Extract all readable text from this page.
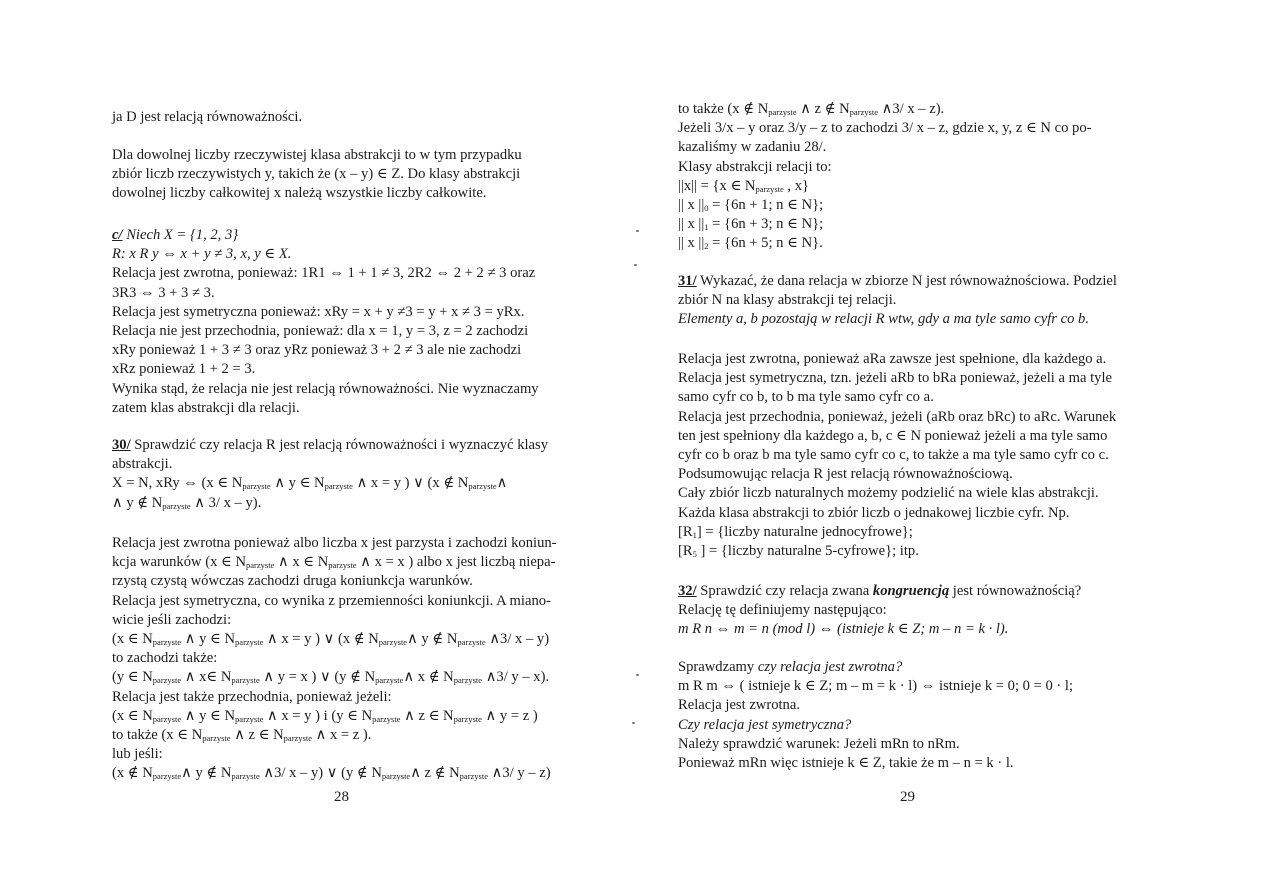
ja D jest relacją równoważności.
Dla dowolnej liczby rzeczywistej klasa abstrakcji to w tym przypadku
zbiór liczb rzeczywistych y, takich że (x – y) ∈ Z. Do klasy abstrakcji
dowolnej liczby całkowitej x należą wszystkie liczby całkowite.
c/ Niech X = {1, 2, 3}
R: x R y ⇔ x + y ≠ 3, x, y ∈ X.
Relacja jest zwrotna, ponieważ: 1R1 ⇔ 1 + 1 ≠ 3, 2R2 ⇔ 2 + 2 ≠ 3 oraz
3R3 ⇔ 3 + 3 ≠ 3.
Relacja jest symetryczna ponieważ: xRy = x + y ≠3 = y + x ≠ 3 = yRx.
Relacja nie jest przechodnia, ponieważ: dla x = 1, y = 3, z = 2 zachodzi
xRy ponieważ 1 + 3 ≠ 3 oraz yRz ponieważ 3 + 2 ≠ 3 ale nie zachodzi
xRz ponieważ 1 + 2 = 3.
Wynika stąd, że relacja nie jest relacją równoważności. Nie wyznaczamy
zatem klas abstrakcji dla relacji.
30/ Sprawdzić czy relacja R jest relacją równoważności i wyznaczyć klasy
abstrakcji.
X = N, xRy ⇔ (x ∈ $N_{parzyste}$ ∧ y ∈ $N_{parzyste}$ ∧ x = y ) ∨ (x ∉ $N_{parzyste}\wedge$
∧ y ∉ $N_{parzyste}$ ∧ 3/ x – y).
Relacja jest zwrotna ponieważ albo liczba x jest parzysta i zachodzi koniun-
kcja warunków (x ∈ $N_{parzyste}$ ∧ x ∈ $N_{parzyste}$ ∧ x = x ) albo x jest liczbą niepa-
rzystą czystą wówczas zachodzi druga koniunkcja warunków.
Relacja jest symetryczna, co wynika z przemienności koniunkcji. A miano-
wicie jeśli zachodzi:
(x ∈ $N_{parzyste}$ ∧ y ∈ $N_{parzyste}$ ∧ x = y ) ∨ (x ∉ $N_{parzyste}\wedge$ y ∉ $N_{parzyste}$ ∧3/ x – y)
to zachodzi także:
(y ∈ $N_{parzyste}$ ∧ x∈ $N_{parzyste}$ ∧ y = x ) ∨ (y ∉ $N_{parzyste}\wedge$ x ∉ $N_{parzyste}$ ∧3/ y – x).
Relacja jest także przechodnia, ponieważ jeżeli:
(x ∈ $N_{parzyste}$ ∧ y ∈ $N_{parzyste}$ ∧ x = y ) i (y ∈ $N_{parzyste}$ ∧ z ∈ $N_{parzyste}$ ∧ y = z )
to także (x ∈ $N_{parzyste}$ ∧ z ∈ $N_{parzyste}$ ∧ x = z ).
lub jeśli:
(x ∉ $N_{parzyste}\wedge$ y ∉ $N_{parzyste}$ ∧3/ x – y) ∨ (y ∉ $N_{parzyste}\wedge$ z ∉ $N_{parzyste}$ ∧3/ y – z)
28
to także (x ∉ $N_{parzyste}$ ∧ z ∉ $N_{parzyste}$ ∧3/ x – z).
Jeżeli 3/x – y oraz 3/y – z to zachodzi 3/ x – z, gdzie x, y, z ∈ N co po-
kazaliśmy w zadaniu 28/.
Klasy abstrakcji relacji to:
||x|| = {x ∈ $N_{parzyste}$ , x}
|| x $||_0 = \{6n + 1$; n ∈ N};
|| x $||_1 = \{6n + 3$; n ∈ N};
|| x $||_2 = \{6n + 5$; n ∈ N}.
31/ Wykazać, że dana relacja w zbiorze N jest równoważnościowa. Podziel
zbiór N na klasy abstrakcji tej relacji.
Elementy a, b pozostają w relacji R wtw, gdy a ma tyle samo cyfr co b.
Relacja jest zwrotna, ponieważ aRa zawsze jest spełnione, dla każdego a.
Relacja jest symetryczna, tzn. jeżeli aRb to bRa ponieważ, jeżeli a ma tyle
samo cyfr co b, to b ma tyle samo cyfr co a.
Relacja jest przechodnia, ponieważ, jeżeli (aRb oraz bRc) to aRc. Warunek
ten jest spełniony dla każdego a, b, c ∈ N ponieważ jeżeli a ma tyle samo
cyfr co b oraz b ma tyle samo cyfr co c, to także a ma tyle samo cyfr co c.
Podsumowując relacja R jest relacją równoważnościową.
Cały zbiór liczb naturalnych możemy podzielić na wiele klas abstrakcji.
Każda klasa abstrakcji to zbiór liczb o jednakowej liczbie cyfr. Np.
$[R_1]$ = {liczby naturalne jednocyfrowe};
[$R_5$ ] = {liczby naturalne 5-cyfrowe}; itp.
32/ Sprawdzić czy relacja zwana kongruencją jest równoważnością?
Relację tę definiujemy następująco:
m R n ⇔ m = n (mod l) ⇔ (istnieje k ∈ Z; m – n = k · l).
Sprawdzamy czy relacja jest zwrotna?
m R m ⇔ ( istnieje k ∈ Z; m – m = k · l) ⇔ istnieje k = 0; 0 = 0 · l;
Relacja jest zwrotna.
Czy relacja jest symetryczna?
Należy sprawdzić warunek: Jeżeli mRn to nRm.
Ponieważ mRn więc istnieje k ∈ Z, takie że m – n = k · l.
29
